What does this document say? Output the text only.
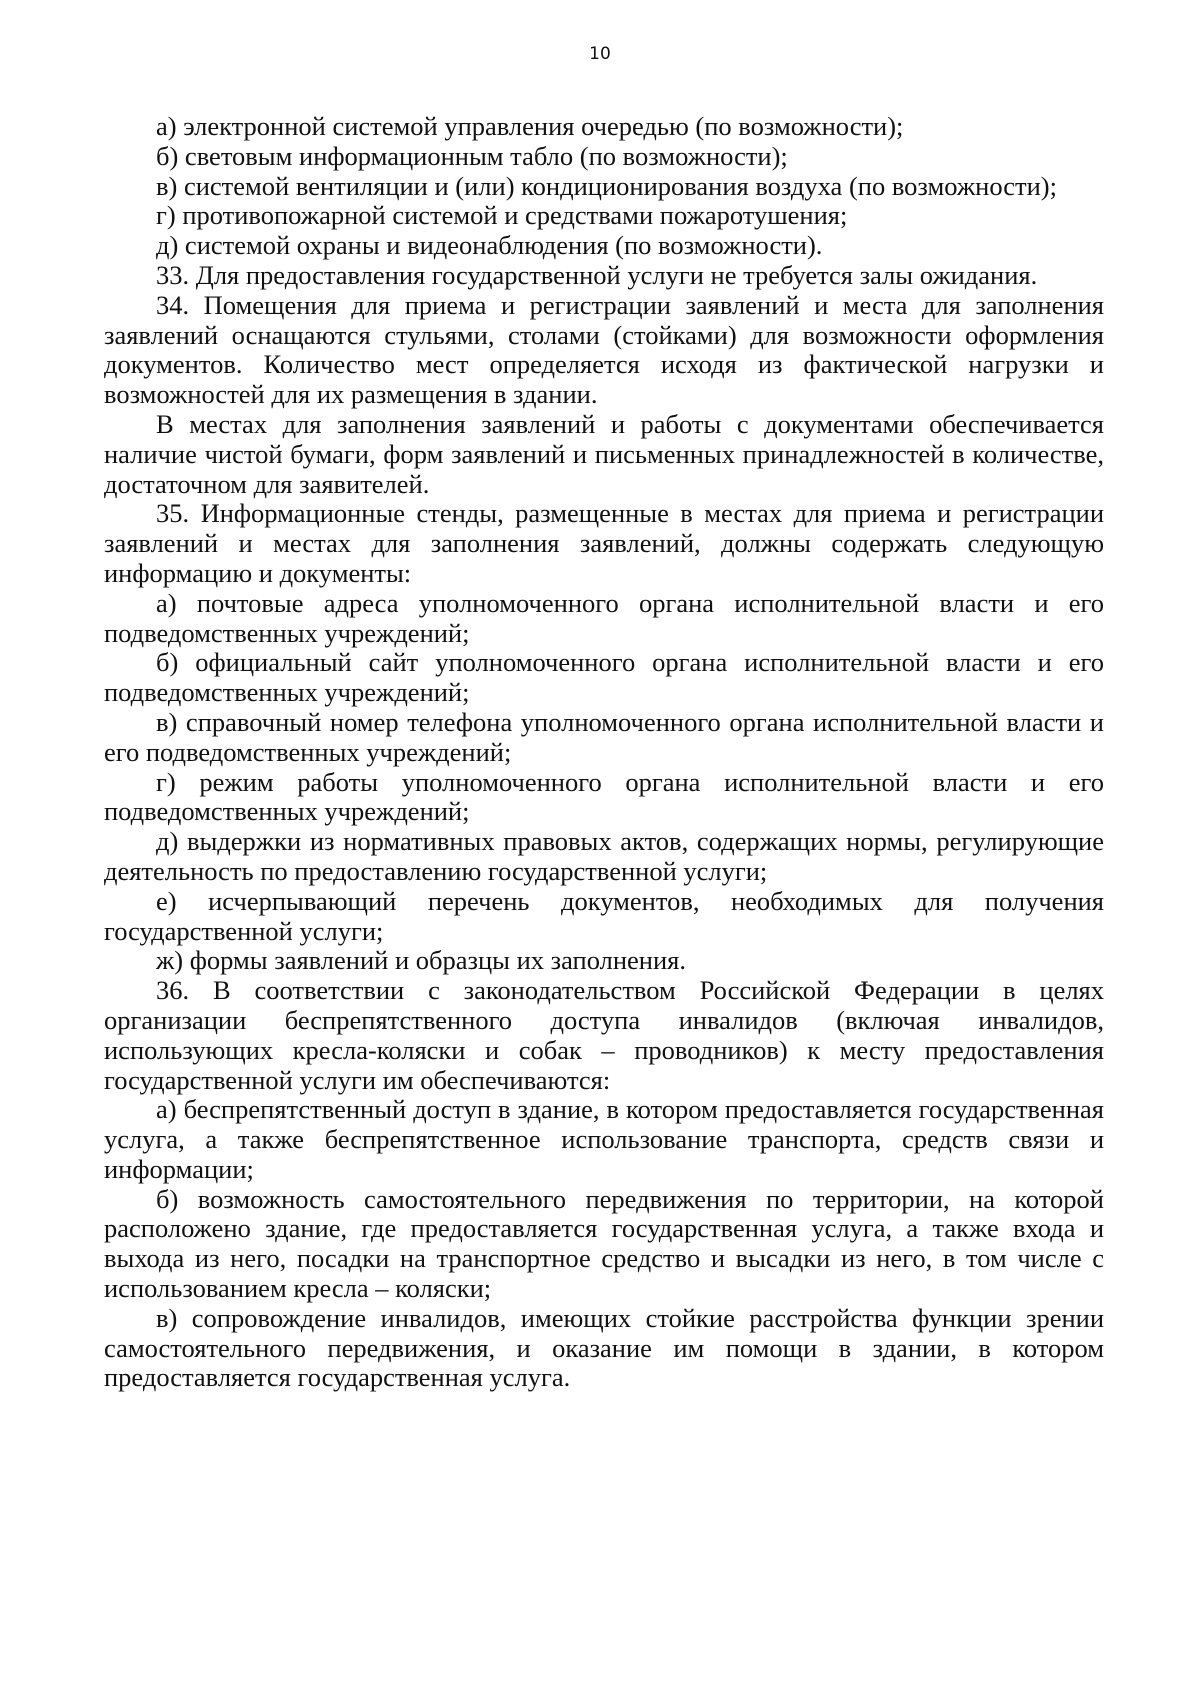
10

а) электронной системой управления очередью (по возможности);

б) световым информационным табло (по возможности);

в) системой вентиляции и (или) кондиционирования воздуха (по возможности);

г) противопожарной системой и средствами пожаротушения;

д) системой охраны и видеонаблюдения (по возможности).

33. Для предоставления государственной услуги не требуется залы ожидания.

34. Помещения для приема и регистрации заявлений и места для заполнения заявлений оснащаются стульями, столами (стойками) для возможности оформления документов. Количество мест определяется исходя из фактической нагрузки и возможностей для их размещения в здании.

В местах для заполнения заявлений и работы с документами обеспечивается наличие чистой бумаги, форм заявлений и письменных принадлежностей в количестве, достаточном для заявителей.

35. Информационные стенды, размещенные в местах для приема и регистрации заявлений и местах для заполнения заявлений, должны содержать следующую информацию и документы:

а) почтовые адреса уполномоченного органа исполнительной власти и его подведомственных учреждений;

б) официальный сайт уполномоченного органа исполнительной власти и его подведомственных учреждений;

в) справочный номер телефона уполномоченного органа исполнительной власти и его подведомственных учреждений;

г) режим работы уполномоченного органа исполнительной власти и его подведомственных учреждений;

д) выдержки из нормативных правовых актов, содержащих нормы, регулирующие деятельность по предоставлению государственной услуги;

е) исчерпывающий перечень документов, необходимых для получения государственной услуги;

ж) формы заявлений и образцы их заполнения.

36. В соответствии с законодательством Российской Федерации в целях организации беспрепятственного доступа инвалидов (включая инвалидов, использующих кресла-коляски и собак – проводников) к месту предоставления государственной услуги им обеспечиваются:

а) беспрепятственный доступ в здание, в котором предоставляется государственная услуга, а также беспрепятственное использование транспорта, средств связи и информации;

б) возможность самостоятельного передвижения по территории, на которой расположено здание, где предоставляется государственная услуга, а также входа и выхода из него, посадки на транспортное средство и высадки из него, в том числе с использованием кресла – коляски;

в) сопровождение инвалидов, имеющих стойкие расстройства функции зрении самостоятельного передвижения, и оказание им помощи в здании, в котором предоставляется государственная услуга.
